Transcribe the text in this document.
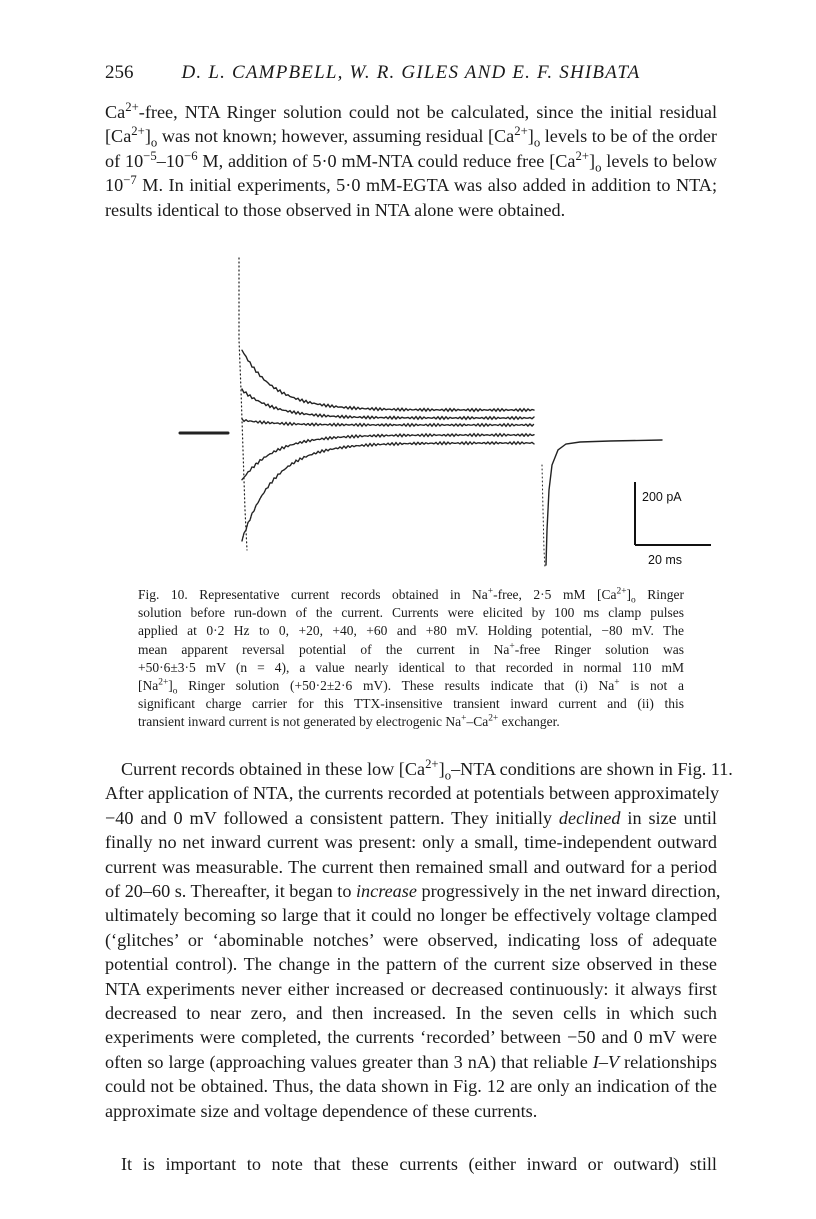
256	D. L. CAMPBELL, W. R. GILES AND E. F. SHIBATA
$Ca^{2+}$-free, NTA Ringer solution could not be calculated, since the initial residual
$[Ca^{2+}]_o$ was not known; however, assuming residual $[Ca^{2+}]_o$ levels to be of the order
of $10^{-5}-10^{-6}$ M, addition of 5·0 mM-NTA could reduce free $[Ca^{2+}]_o$ levels to below
$10^{-7}$ M. In initial experiments, 5·0 mM-EGTA was also added in addition to NTA;
results identical to those observed in NTA alone were obtained.
200 pA
20 ms
Fig. 10. Representative current records obtained in Na+-free, 2·5 mM $[Ca^{2+}]_o$ Ringer
solution before run-down of the current. Currents were elicited by 100 ms clamp pulses
applied at 0·2 Hz to 0, +20, +40, +60 and +80 mV. Holding potential, −80 mV. The
mean apparent reversal potential of the current in Na+-free Ringer solution was
+50·6±3·5 mV (n = 4), a value nearly identical to that recorded in normal 110 mM
$[Na^{2+}]_o$ Ringer solution (+50·2±2·6 mV). These results indicate that (i) Na+ is not a
significant charge carrier for this TTX-insensitive transient inward current and (ii) this
transient inward current is not generated by electrogenic $Na^+-Ca^{2+}$ exchanger.
Current records obtained in these low $[Ca^{2+}]_o$–NTA conditions are shown in Fig. 11.
After application of NTA, the currents recorded at potentials between approximately
−40 and 0 mV followed a consistent pattern. They initially declined in size until
finally no net inward current was present: only a small, time-independent outward
current was measurable. The current then remained small and outward for a period
of 20–60 s. Thereafter, it began to increase progressively in the net inward direction,
ultimately becoming so large that it could no longer be effectively voltage clamped
(‘glitches’ or ‘abominable notches’ were observed, indicating loss of adequate
potential control). The change in the pattern of the current size observed in these
NTA experiments never either increased or decreased continuously: it always first
decreased to near zero, and then increased. In the seven cells in which such
experiments were completed, the currents ‘recorded’ between −50 and 0 mV were
often so large (approaching values greater than 3 nA) that reliable I–V relationships
could not be obtained. Thus, the data shown in Fig. 12 are only an indication of the
approximate size and voltage dependence of these currents.
It is important to note that these currents (either inward or outward) still
